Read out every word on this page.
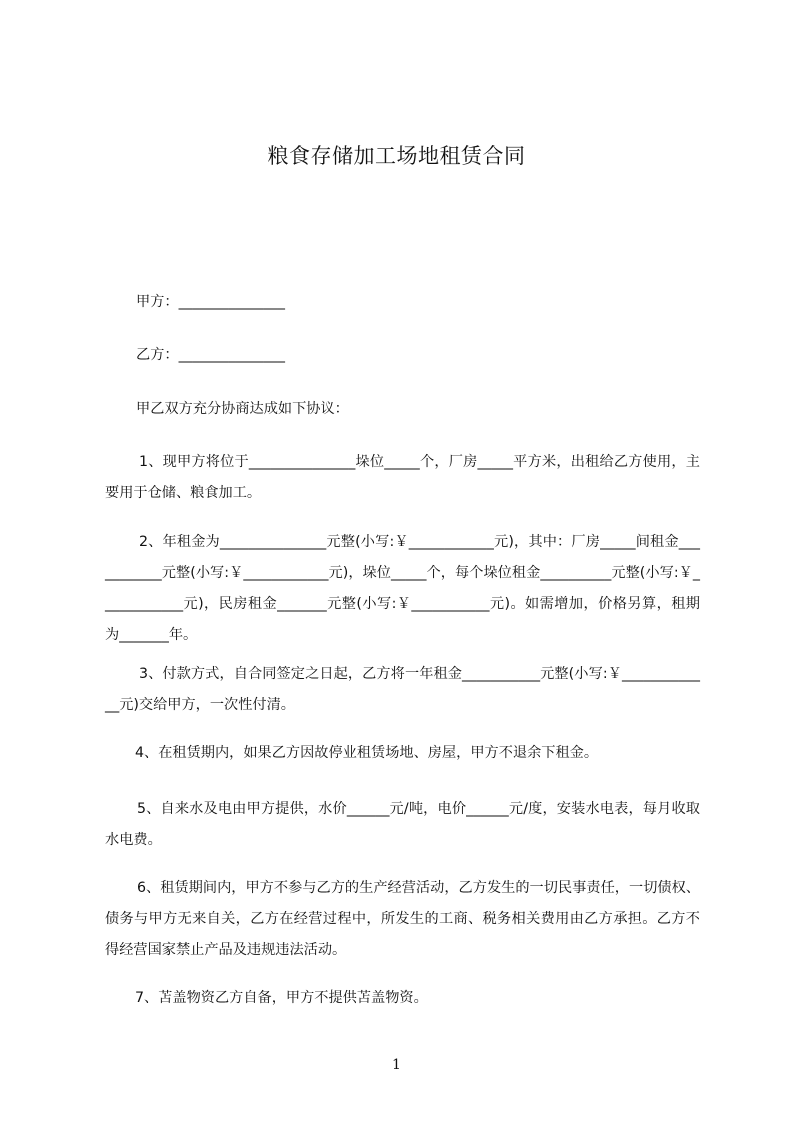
粮食存储加工场地租赁合同
甲方：_______________
乙方：_______________
甲乙双方充分协商达成如下协议：
1、现甲方将位于_______________垛位_____个，厂房_____平方米，出租给乙方使用，主要用于仓储、粮食加工。
2、年租金为_______________元整(小写:￥____________元)，其中：厂房_____间租金___________元整(小写:￥____________元)，垛位_____个，每个垛位租金__________元整(小写:￥____________元)，民房租金_______元整(小写:￥___________元)。如需增加，价格另算，租期为_______年。
3、付款方式，自合同签定之日起，乙方将一年租金___________元整(小写:￥_____________元)交给甲方，一次性付清。
4、在租赁期内，如果乙方因故停业租赁场地、房屋，甲方不退余下租金。
5、自来水及电由甲方提供，水价______元/吨，电价______元/度，安装水电表，每月收取水电费。
6、租赁期间内，甲方不参与乙方的生产经营活动，乙方发生的一切民事责任，一切债权、债务与甲方无来自关，乙方在经营过程中，所发生的工商、税务相关费用由乙方承担。乙方不得经营国家禁止产品及违规违法活动。
7、苫盖物资乙方自备，甲方不提供苫盖物资。
1
